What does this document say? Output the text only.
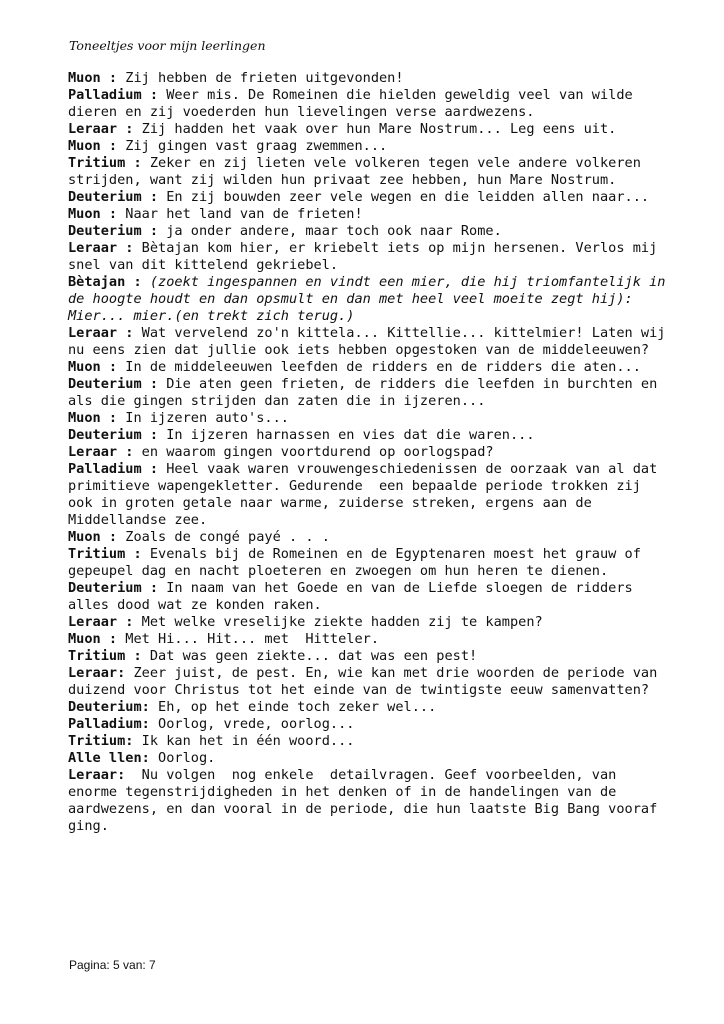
Toneeltjes voor mijn leerlingen

Muon : Zij hebben de frieten uitgevonden!

Palladium : Weer mis. De Romeinen die hielden geweldig veel van wilde dieren en zij voederden hun lievelingen verse aardwezens.

Leraar : Zij hadden het vaak over hun Mare Nostrum... Leg eens uit.

Muon : Zij gingen vast graag zwemmen...

Tritium : Zeker en zij lieten vele volkeren tegen vele andere volkeren strijden, want zij wilden hun privaat zee hebben, hun Mare Nostrum.

Deuterium : En zij bouwden zeer vele wegen en die leidden allen naar...

Muon : Naar het land van de frieten!

Deuterium : ja onder andere, maar toch ook naar Rome.

Leraar : Bètajan kom hier, er kriebelt iets op mijn hersenen. Verlos mij snel van dit kittelend gekriebel.

Bètajan : (zoekt ingespannen en vindt een mier, die hij triomfantelijk in de hoogte houdt en dan opsmult en dan met heel veel moeite zegt hij): Mier... mier.(en trekt zich terug.)

Leraar : Wat vervelend zo'n kittela... Kittellie... kittelmier! Laten wij nu eens zien dat jullie ook iets hebben opgestoken van de middeleeuwen?

Muon : In de middeleeuwen leefden de ridders en de ridders die aten...

Deuterium : Die aten geen frieten, de ridders die leefden in burchten en als die gingen strijden dan zaten die in ijzeren...

Muon : In ijzeren auto's...

Deuterium : In ijzeren harnassen en vies dat die waren...

Leraar : en waarom gingen voortdurend op oorlogspad?

Palladium : Heel vaak waren vrouwengeschiedenissen de oorzaak van al dat primitieve wapengekletter. Gedurende  een bepaalde periode trokken zij ook in groten getale naar warme, zuiderse streken, ergens aan de Middellandse zee.

Muon : Zoals de congé payé . . .

Tritium : Evenals bij de Romeinen en de Egyptenaren moest het grauw of gepeupel dag en nacht ploeteren en zwoegen om hun heren te dienen.

Deuterium : In naam van het Goede en van de Liefde sloegen de ridders alles dood wat ze konden raken.

Leraar : Met welke vreselijke ziekte hadden zij te kampen?

Muon : Met Hi... Hit... met  Hitteler.

Tritium : Dat was geen ziekte... dat was een pest!

Leraar: Zeer juist, de pest. En, wie kan met drie woorden de periode van duizend voor Christus tot het einde van de twintigste eeuw samenvatten?

Deuterium: Eh, op het einde toch zeker wel...

Palladium: Oorlog, vrede, oorlog...

Tritium: Ik kan het in één woord...

Alle llen: Oorlog.

Leraar:  Nu volgen  nog enkele  detailvragen. Geef voorbeelden, van enorme tegenstrijdigheden in het denken of in de handelingen van de aardwezens, en dan vooral in de periode, die hun laatste Big Bang vooraf ging.

Pagina: 5 van: 7
